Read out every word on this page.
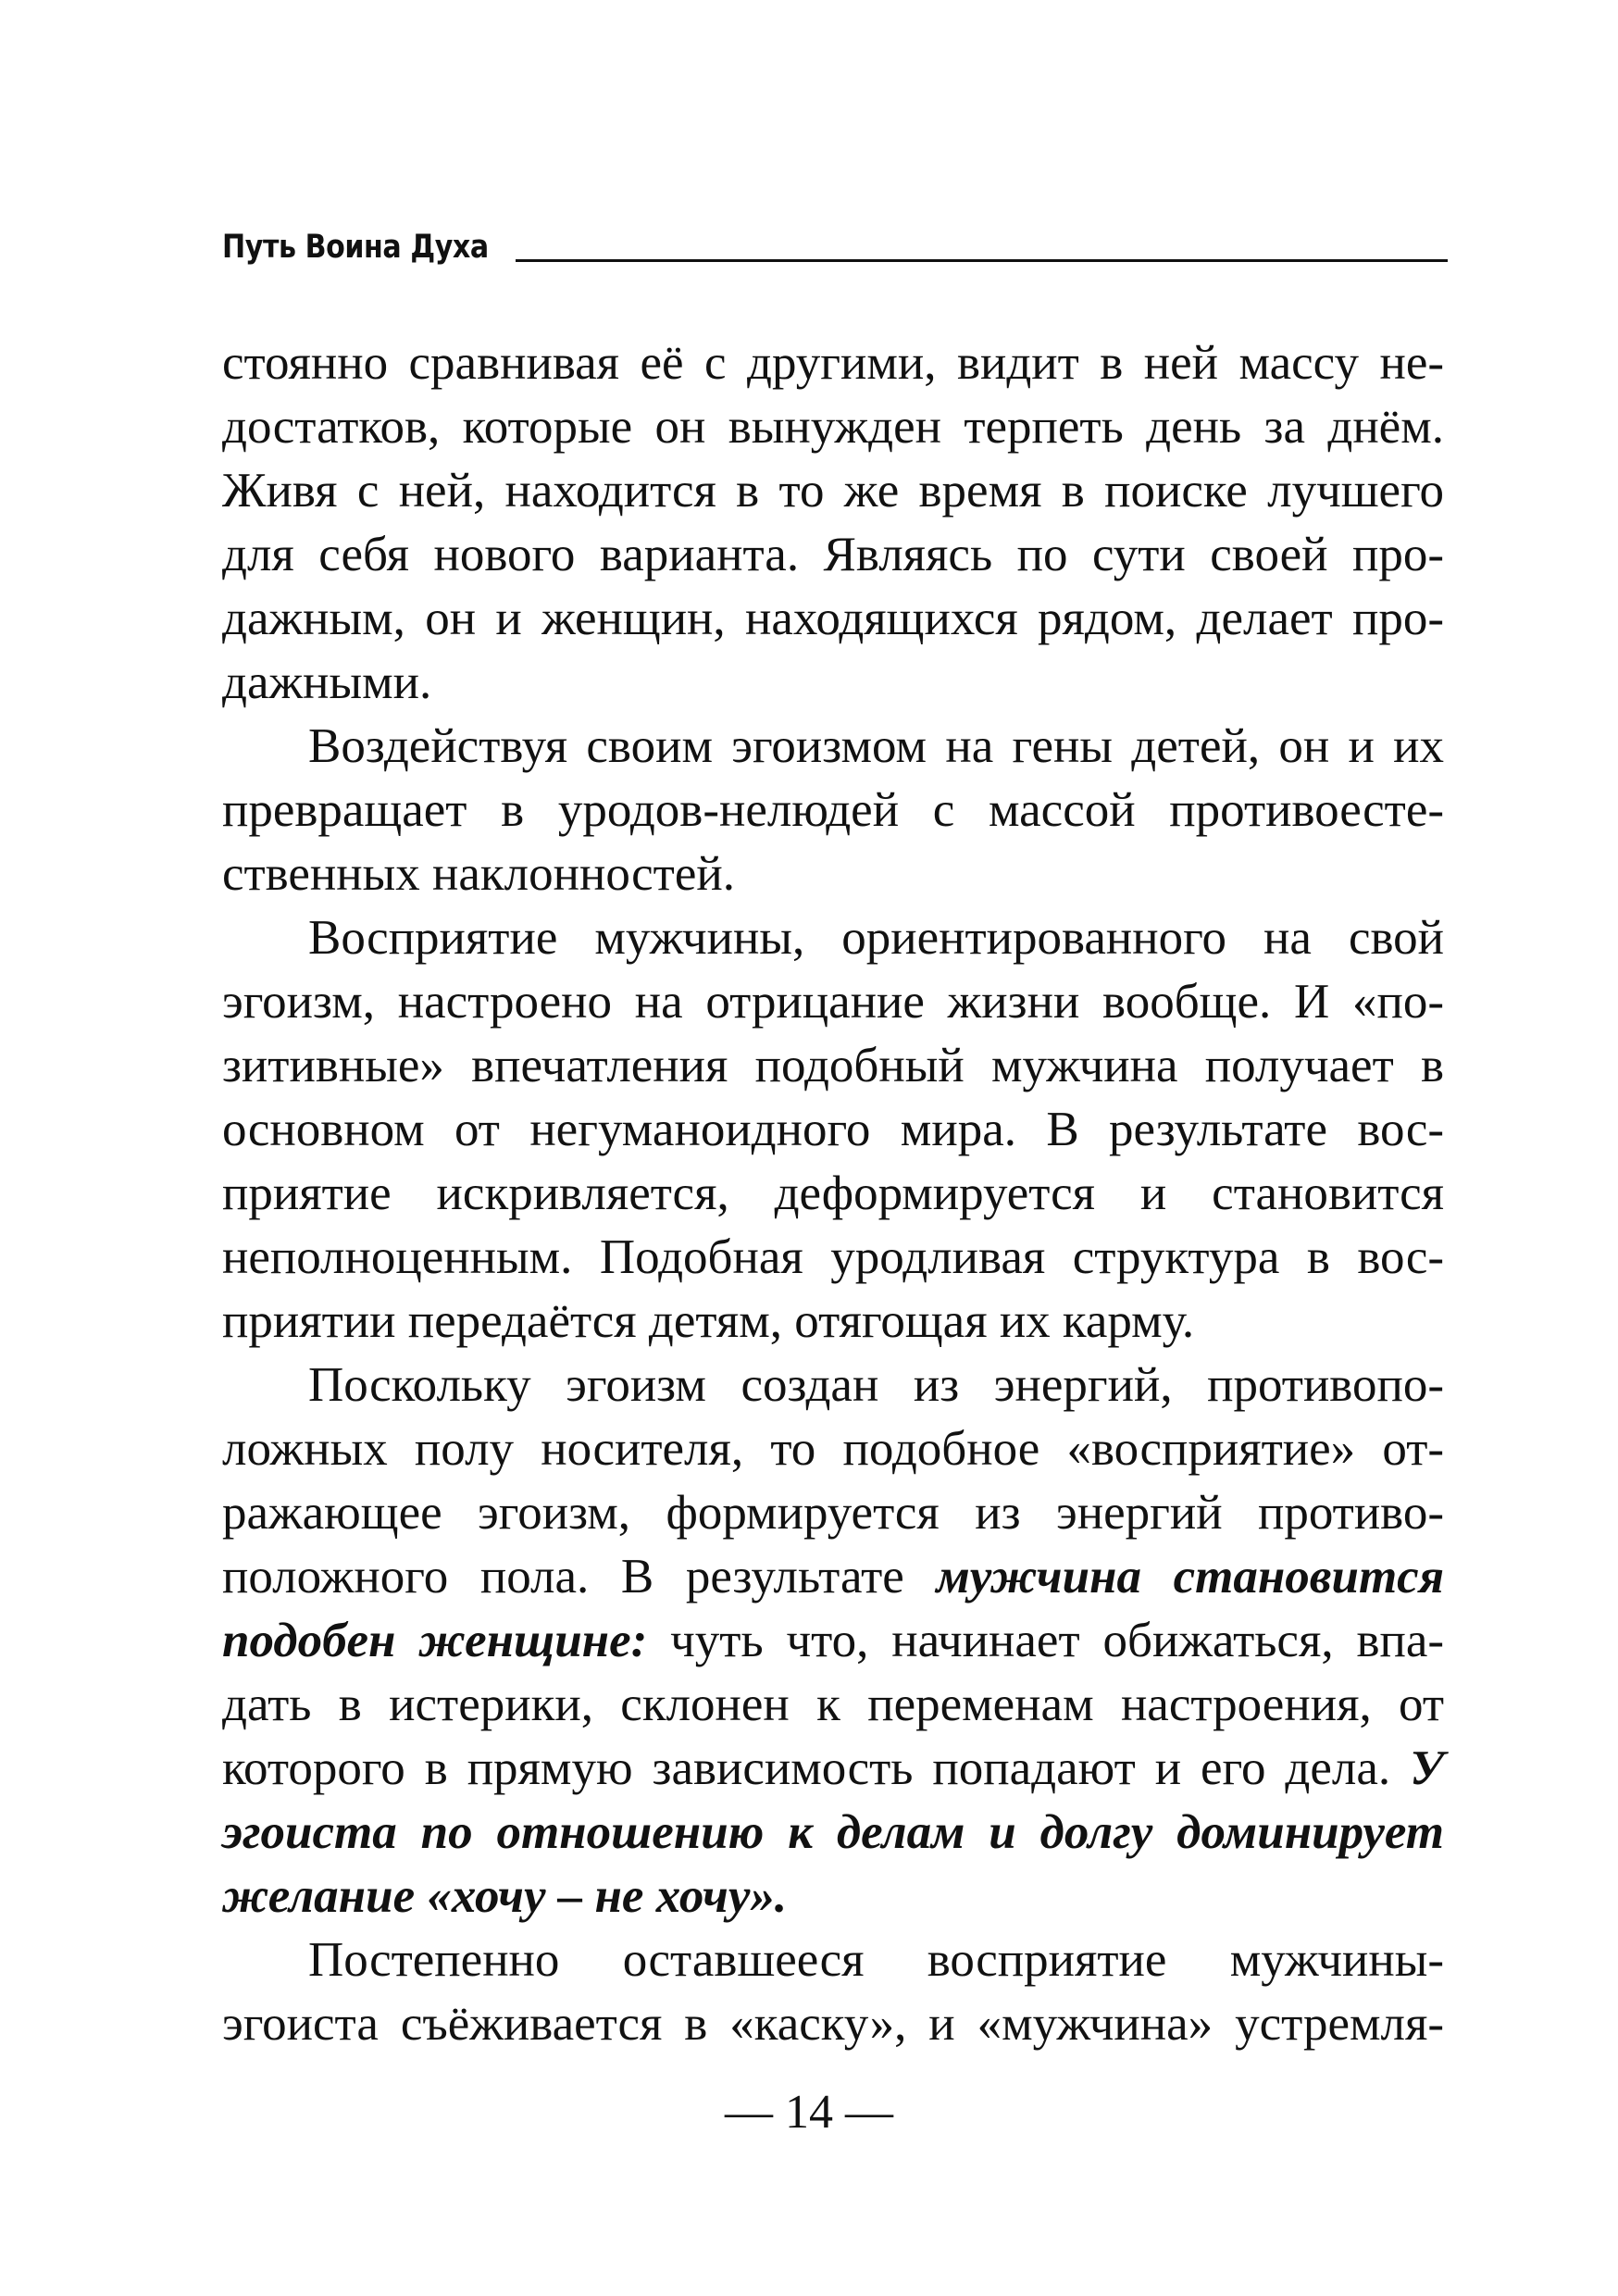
Путь Воина Духа
стоянно сравнивая её с другими, видит в ней массу не-
достатков, которые он вынужден терпеть день за днём.
Живя с ней, находится в то же время в поиске лучшего
для себя нового варианта. Являясь по сути своей про-
дажным, он и женщин, находящихся рядом, делает про-
дажными.
Воздействуя своим эгоизмом на гены детей, он и их
превращает в уродов-нелюдей с массой противоесте-
ственных наклонностей.
Восприятие мужчины, ориентированного на свой
эгоизм, настроено на отрицание жизни вообще. И «по-
зитивные» впечатления подобный мужчина получает в
основном от негуманоидного мира. В результате вос-
приятие искривляется, деформируется и становится
неполноценным. Подобная уродливая структура в вос-
приятии передаётся детям, отягощая их карму.
Поскольку эгоизм создан из энергий, противопо-
ложных полу носителя, то подобное «восприятие» от-
ражающее эгоизм, формируется из энергий противо-
положного пола. В результате мужчина становится
подобен женщине: чуть что, начинает обижаться, впа-
дать в истерики, склонен к переменам настроения, от
которого в прямую зависимость попадают и его дела. У
эгоиста по отношению к делам и долгу доминирует
желание «хочу – не хочу».
Постепенно оставшееся восприятие мужчины-
эгоиста съёживается в «каску», и «мужчина» устремля-
— 14 —
